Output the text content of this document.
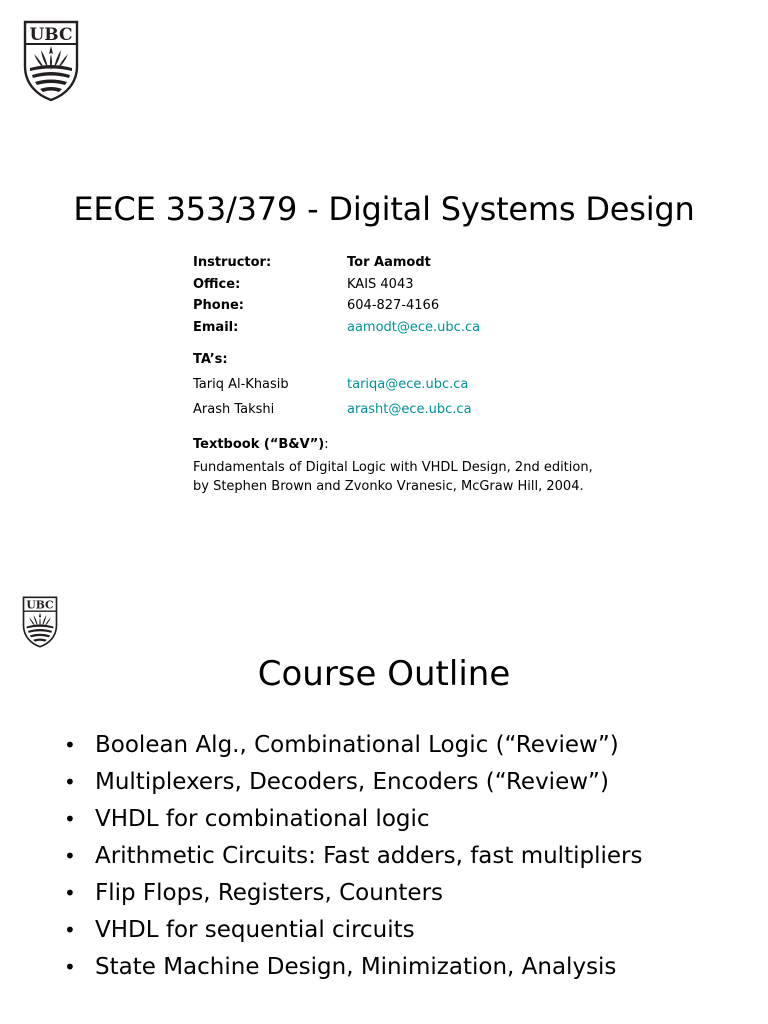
UBC
EECE 353/379 - Digital Systems Design
Instructor:	Tor Aamodt
Office:	KAIS 4043
Phone:	604-827-4166
Email:	aamodt@ece.ubc.ca
TA’s:
Tariq Al-Khasib	tariqa@ece.ubc.ca
Arash Takshi	arasht@ece.ubc.ca
Textbook (“B&V”):
Fundamentals of Digital Logic with VHDL Design, 2nd edition,
by Stephen Brown and Zvonko Vranesic, McGraw Hill, 2004.
UBC
Course Outline
• Boolean Alg., Combinational Logic (“Review”)
• Multiplexers, Decoders, Encoders (“Review”)
• VHDL for combinational logic
• Arithmetic Circuits: Fast adders, fast multipliers
• Flip Flops, Registers, Counters
• VHDL for sequential circuits
• State Machine Design, Minimization, Analysis
